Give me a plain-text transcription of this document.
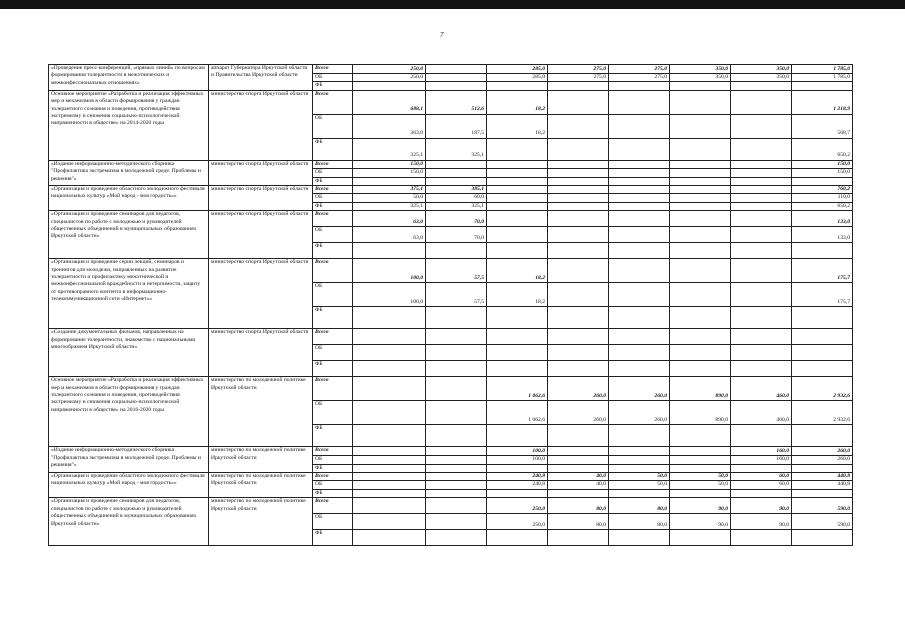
7
«Проведение пресс-конференций, «прямых линий» по вопросам формирования толерантности в межэтнических и межконфессиональных отношениях»	аппарат Губернатора Иркутской области и Правительства Иркутской области	Всего	250,0		285,0	275,0	275,0	350,0	350,0	1 785,0
		ОБ	250,0		285,0	275,0	275,0	350,0	350,0	1 785,0
		ФБ								
Основное мероприятие «Разработка и реализация эффективных мер и механизмов в области формирования у граждан толерантного сознания и поведения, противодействия экстремизму и снижения социально-психологической напряженности в обществе» на 2014-2020 годы	министерство спорта Иркутской области	Всего	688,1	512,6	18,2					1 218,9
		ОБ	363,0	187,5	18,2					568,7
		ФБ	325,1	325,1						650,2
«Издание информационно-методического сборника "Профилактика экстремизма в молодежной среде. Проблемы и решения"»	министерство спорта Иркутской области	Всего	150,0							150,0
		ОБ	150,0							150,0
		ФБ								
«Организация и проведение областного молодежного фестиваля национальных культур «Мой народ - моя гордость»»	министерство спорта Иркутской области	Всего	375,1	385,1						760,2
		ОБ	50,0	60,0						110,0
		ФБ	325,1	325,1						650,2
«Организация и проведение семинаров для педагогов, специалистов по работе с молодежью и руководителей общественных объединений в муниципальных образованиях Иркутской области»	министерство спорта Иркутской области	Всего	63,0	70,0						133,0
		ОБ	63,0	70,0						133,0
		ФБ								
«Организация и проведение серии лекций, семинаров и тренингов для молодежи, направленных на развитие толерантности и профилактику межэтнической и межконфессиональной враждебности и нетерпимости, защиту от противоправного контента в информационно-телекоммуникационной сети «Интернет»»	министерство спорта Иркутской области	Всего	100,0	57,5	18,2					175,7
		ОБ	100,0	57,5	18,2					175,7
		ФБ								
«Создание документальных фильмов, направленных на формирование толерантности, знакомство с национальными многообразием Иркутской области»	министерство спорта Иркутской области	Всего								
		ОБ								
		ФБ								
Основное мероприятие «Разработка и реализация эффективных мер и механизмов в области формирования у граждан толерантного сознания и поведения, противодействия экстремизму и снижения социально-психологической напряженности в обществе» на 2016-2020 годы	министерство по молодежной политике Иркутской области	Всего			1 062,6	260,0	260,0	890,0	460,0	2 932,6
		ОБ			1 062,6	260,0	260,0	890,0	460,0	2 932,6
		ФБ								
«Издание информационно-методического сборника "Профилактика экстремизма в молодежной среде. Проблемы и решения"»	министерство по молодежной политике Иркутской области	Всего			100,0				160,0	260,0
		ОБ			100,0				160,0	260,0
		ФБ								
«Организация и проведение областного молодежного фестиваля национальных культур «Мой народ - моя гордость»»	министерство по молодежной политике Иркутской области	Всего			240,8	40,0	50,0	50,0	60,0	440,8
		ОБ			240,8	40,0	50,0	50,0	60,0	440,8
		ФБ								
«Организация и проведение семинаров для педагогов, специалистов по работе с молодежью и руководителей общественных объединений в муниципальных образованиях Иркутской области»	министерство по молодежной политике Иркутской области	Всего			250,0	80,0	80,0	90,0	90,0	590,0
		ОБ			250,0	80,0	80,0	90,0	90,0	590,0
		ФБ								
